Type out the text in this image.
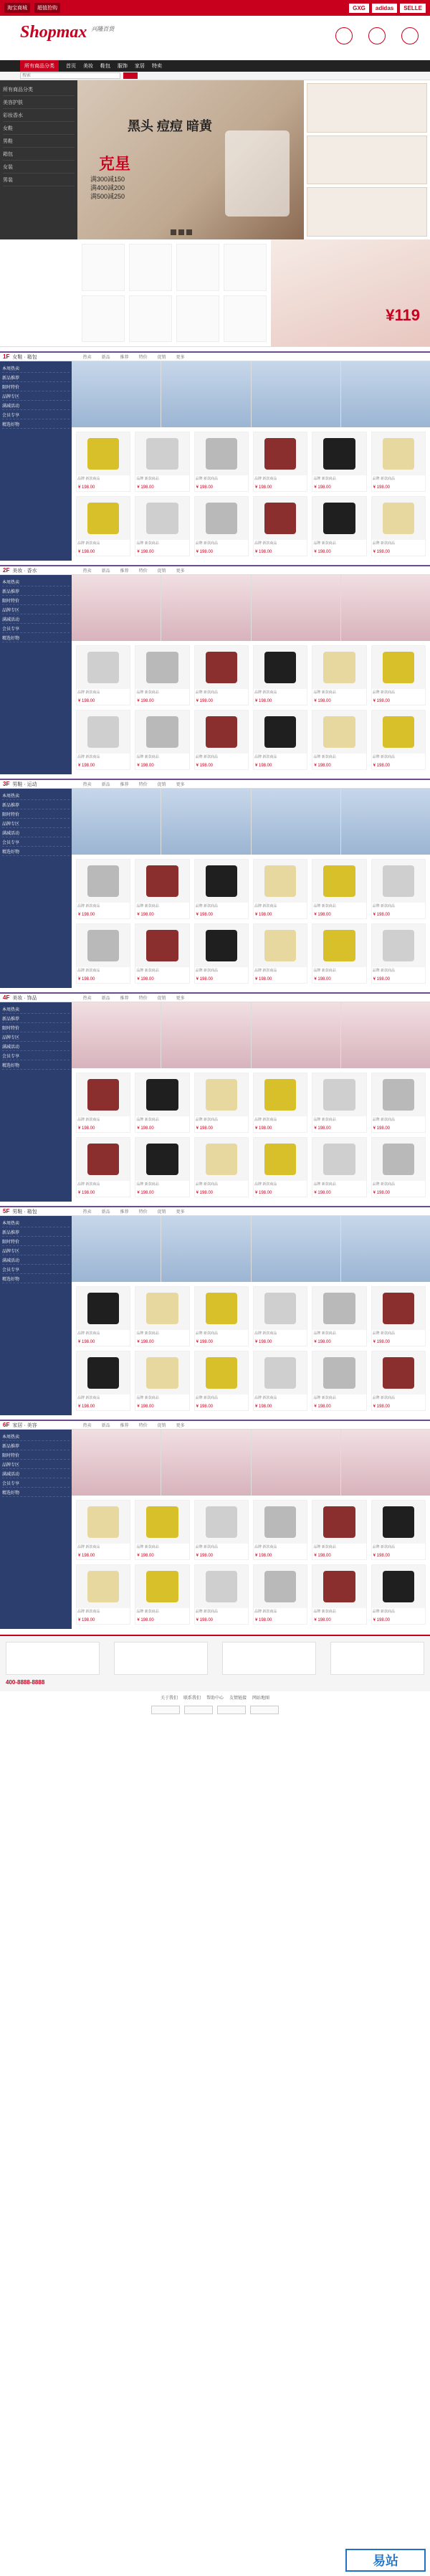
淘宝商城	超值抢购	GXG	adidas	SELLE
Shopmax $^{兴隆百货}$
所有商品分类	首页 美妆 鞋包 服饰 家居 特卖
搜索
所有商品分类
美容护肤
彩妆香水
女鞋
男鞋
箱包
女装
男装
黑头 痘痘 暗黄
克星
满300减150
满400减200
满500减250
¥119
1F 女鞋 · 箱包	热卖 新品 推荐 特价 促销 更多
本周热卖
新品推荐
限时特价
品牌专区
满减活动
会员专享
精选好物
品牌 新款商品
¥ 198.00
品牌 新款商品
¥ 198.00
品牌 新款商品
¥ 198.00
品牌 新款商品
¥ 198.00
品牌 新款商品
¥ 198.00
品牌 新款商品
¥ 198.00
品牌 新款商品
¥ 198.00
品牌 新款商品
¥ 198.00
品牌 新款商品
¥ 198.00
品牌 新款商品
¥ 198.00
品牌 新款商品
¥ 198.00
品牌 新款商品
¥ 198.00
2F 美妆 · 香水	热卖 新品 推荐 特价 促销 更多
本周热卖
新品推荐
限时特价
品牌专区
满减活动
会员专享
精选好物
品牌 新款商品
¥ 198.00
品牌 新款商品
¥ 198.00
品牌 新款商品
¥ 198.00
品牌 新款商品
¥ 198.00
品牌 新款商品
¥ 198.00
品牌 新款商品
¥ 198.00
品牌 新款商品
¥ 198.00
品牌 新款商品
¥ 198.00
品牌 新款商品
¥ 198.00
品牌 新款商品
¥ 198.00
品牌 新款商品
¥ 198.00
品牌 新款商品
¥ 198.00
3F 男鞋 · 运动	热卖 新品 推荐 特价 促销 更多
本周热卖
新品推荐
限时特价
品牌专区
满减活动
会员专享
精选好物
品牌 新款商品
¥ 198.00
品牌 新款商品
¥ 198.00
品牌 新款商品
¥ 198.00
品牌 新款商品
¥ 198.00
品牌 新款商品
¥ 198.00
品牌 新款商品
¥ 198.00
品牌 新款商品
¥ 198.00
品牌 新款商品
¥ 198.00
品牌 新款商品
¥ 198.00
品牌 新款商品
¥ 198.00
品牌 新款商品
¥ 198.00
品牌 新款商品
¥ 198.00
4F 美妆 · 饰品	热卖 新品 推荐 特价 促销 更多
本周热卖
新品推荐
限时特价
品牌专区
满减活动
会员专享
精选好物
品牌 新款商品
¥ 198.00
品牌 新款商品
¥ 198.00
品牌 新款商品
¥ 198.00
品牌 新款商品
¥ 198.00
品牌 新款商品
¥ 198.00
品牌 新款商品
¥ 198.00
品牌 新款商品
¥ 198.00
品牌 新款商品
¥ 198.00
品牌 新款商品
¥ 198.00
品牌 新款商品
¥ 198.00
品牌 新款商品
¥ 198.00
品牌 新款商品
¥ 198.00
5F 男鞋 · 箱包	热卖 新品 推荐 特价 促销 更多
本周热卖
新品推荐
限时特价
品牌专区
满减活动
会员专享
精选好物
品牌 新款商品
¥ 198.00
品牌 新款商品
¥ 198.00
品牌 新款商品
¥ 198.00
品牌 新款商品
¥ 198.00
品牌 新款商品
¥ 198.00
品牌 新款商品
¥ 198.00
品牌 新款商品
¥ 198.00
品牌 新款商品
¥ 198.00
品牌 新款商品
¥ 198.00
品牌 新款商品
¥ 198.00
品牌 新款商品
¥ 198.00
品牌 新款商品
¥ 198.00
6F 家居 · 美容	热卖 新品 推荐 特价 促销 更多
本周热卖
新品推荐
限时特价
品牌专区
满减活动
会员专享
精选好物
品牌 新款商品
¥ 198.00
品牌 新款商品
¥ 198.00
品牌 新款商品
¥ 198.00
品牌 新款商品
¥ 198.00
品牌 新款商品
¥ 198.00
品牌 新款商品
¥ 198.00
品牌 新款商品
¥ 198.00
品牌 新款商品
¥ 198.00
品牌 新款商品
¥ 198.00
品牌 新款商品
¥ 198.00
品牌 新款商品
¥ 198.00
品牌 新款商品
¥ 198.00
400-8888-8888
关于我们 联系我们 帮助中心 友情链接 网站地图
易站
